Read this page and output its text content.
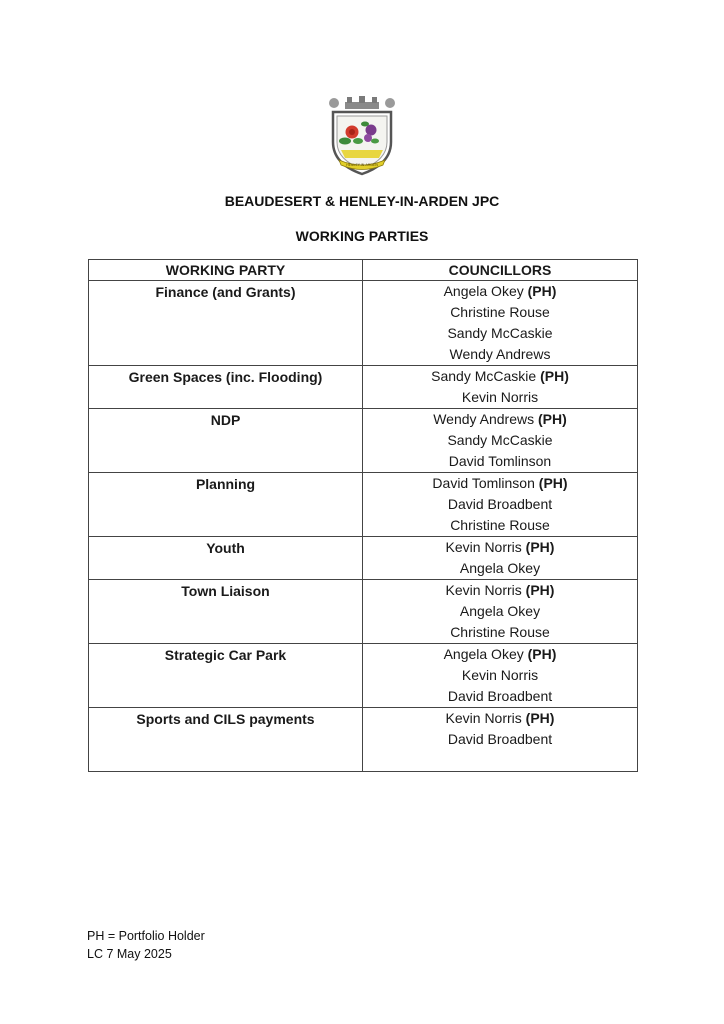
HENLEY-IN-ARDEN
BEAUDESERT & HENLEY-IN-ARDEN JPC
WORKING PARTIES
WORKING PARTY	COUNCILLORS

Finance (and Grants)	Angela Okey (PH)
Christine Rouse
Sandy McCaskie
Wendy Andrews

Green Spaces (inc. Flooding)	Sandy McCaskie (PH)
Kevin Norris

NDP	Wendy Andrews (PH)
Sandy McCaskie
David Tomlinson

Planning	David Tomlinson (PH)
David Broadbent
Christine Rouse

Youth	Kevin Norris (PH)
Angela Okey

Town Liaison	Kevin Norris (PH)
Angela Okey
Christine Rouse

Strategic Car Park	Angela Okey (PH)
Kevin Norris
David Broadbent

Sports and CILS payments	Kevin Norris (PH)
David Broadbent

PH = Portfolio Holder
LC 7 May 2025
